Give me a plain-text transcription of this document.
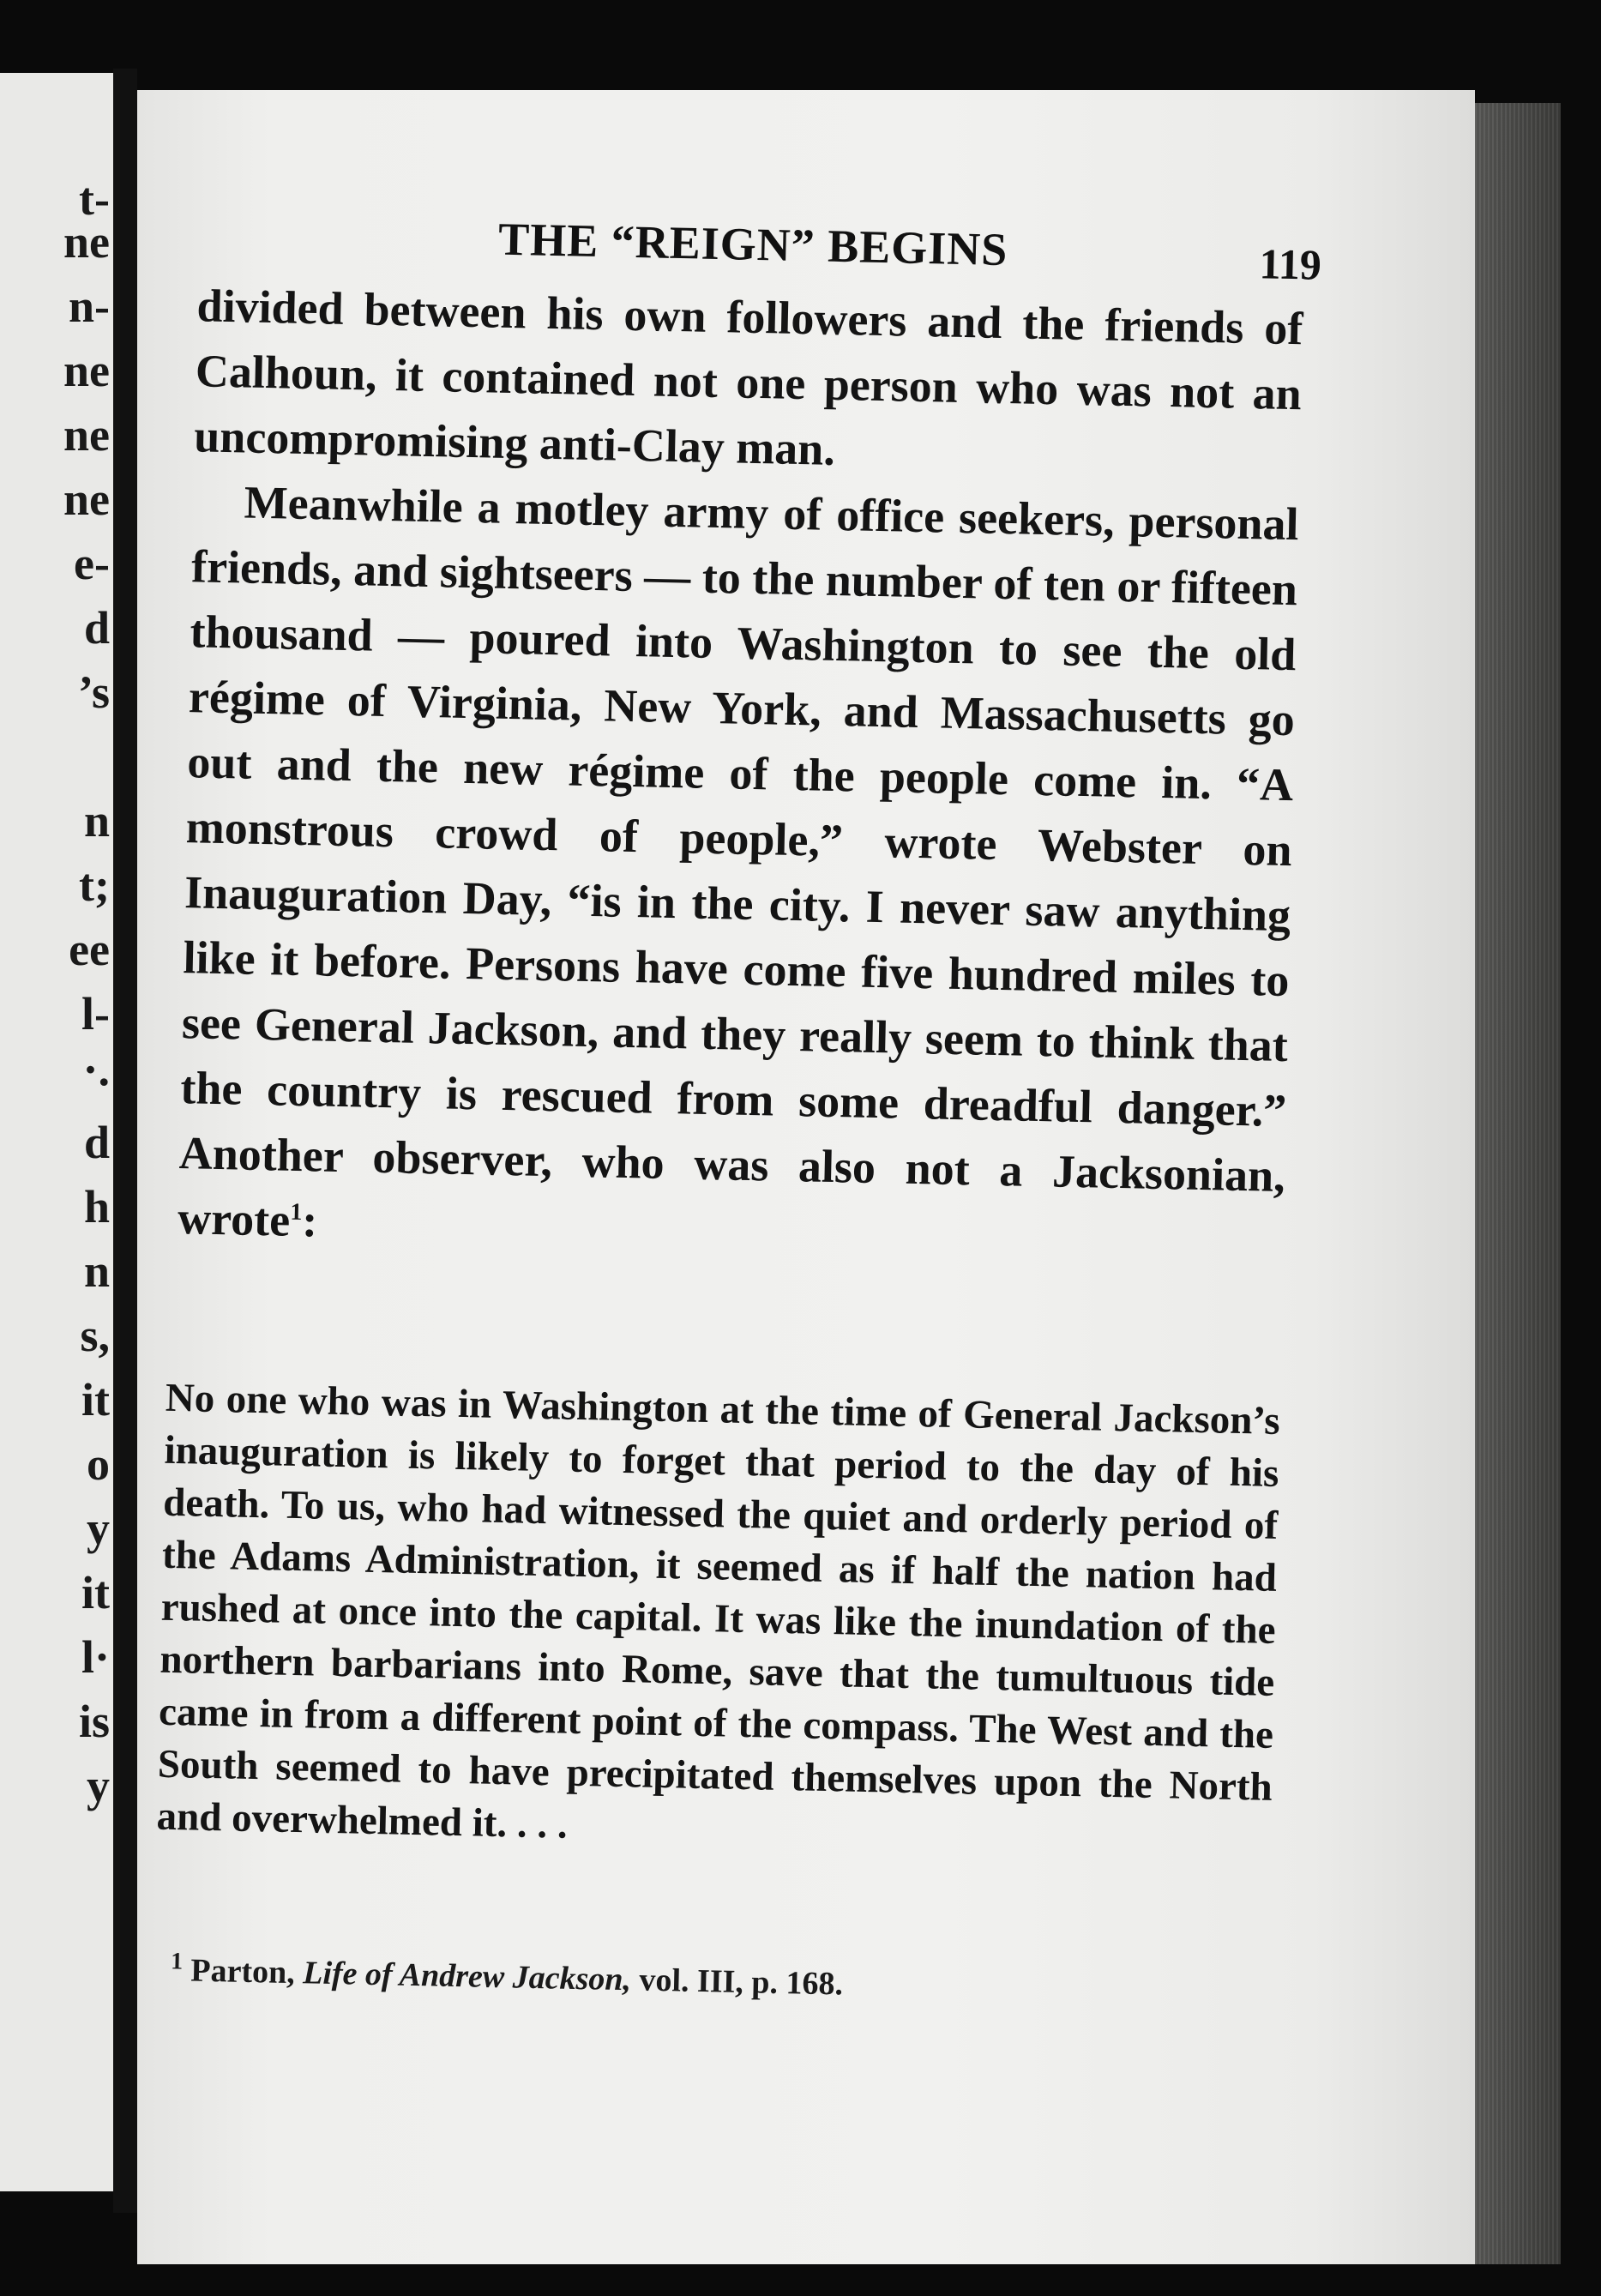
t-
ne
n-
ne
ne
ne
e-
d
’s
n
t;
ee
l-
·.
d
h
n
s,
it
o
y
it
l·
is
y
THE “REIGN” BEGINS	119

divided between his own followers and the friends of Calhoun, it contained not one person who was not an uncompromising anti-Clay man.

Meanwhile a motley army of office seekers, personal friends, and sightseers — to the number of ten or fifteen thousand — poured into Washington to see the old régime of Virginia, New York, and Massachusetts go out and the new régime of the people come in. “A monstrous crowd of people,” wrote Webster on Inauguration Day, “is in the city. I never saw anything like it before. Persons have come five hundred miles to see General Jackson, and they really seem to think that the country is rescued from some dreadful danger.” Another observer, who was also not a Jacksonian, wrote$^1$:

No one who was in Washington at the time of General Jackson’s inauguration is likely to forget that period to the day of his death. To us, who had witnessed the quiet and orderly period of the Adams Administration, it seemed as if half the nation had rushed at once into the capital. It was like the inundation of the northern barbarians into Rome, save that the tumultuous tide came in from a different point of the compass. The West and the South seemed to have precipitated themselves upon the North and overwhelmed it. . . .

$^1$ Parton, Life of Andrew Jackson, vol. III, p. 168.
